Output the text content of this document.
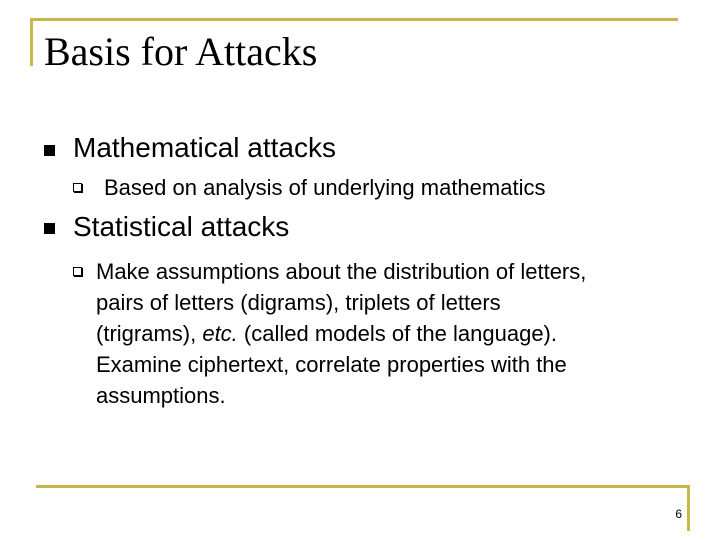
Basis for Attacks
Mathematical attacks
Based on analysis of underlying mathematics
Statistical attacks
Make assumptions about the distribution of letters,
pairs of letters (digrams), triplets of letters
(trigrams), etc. (called models of the language).
Examine ciphertext, correlate properties with the
assumptions.
6
